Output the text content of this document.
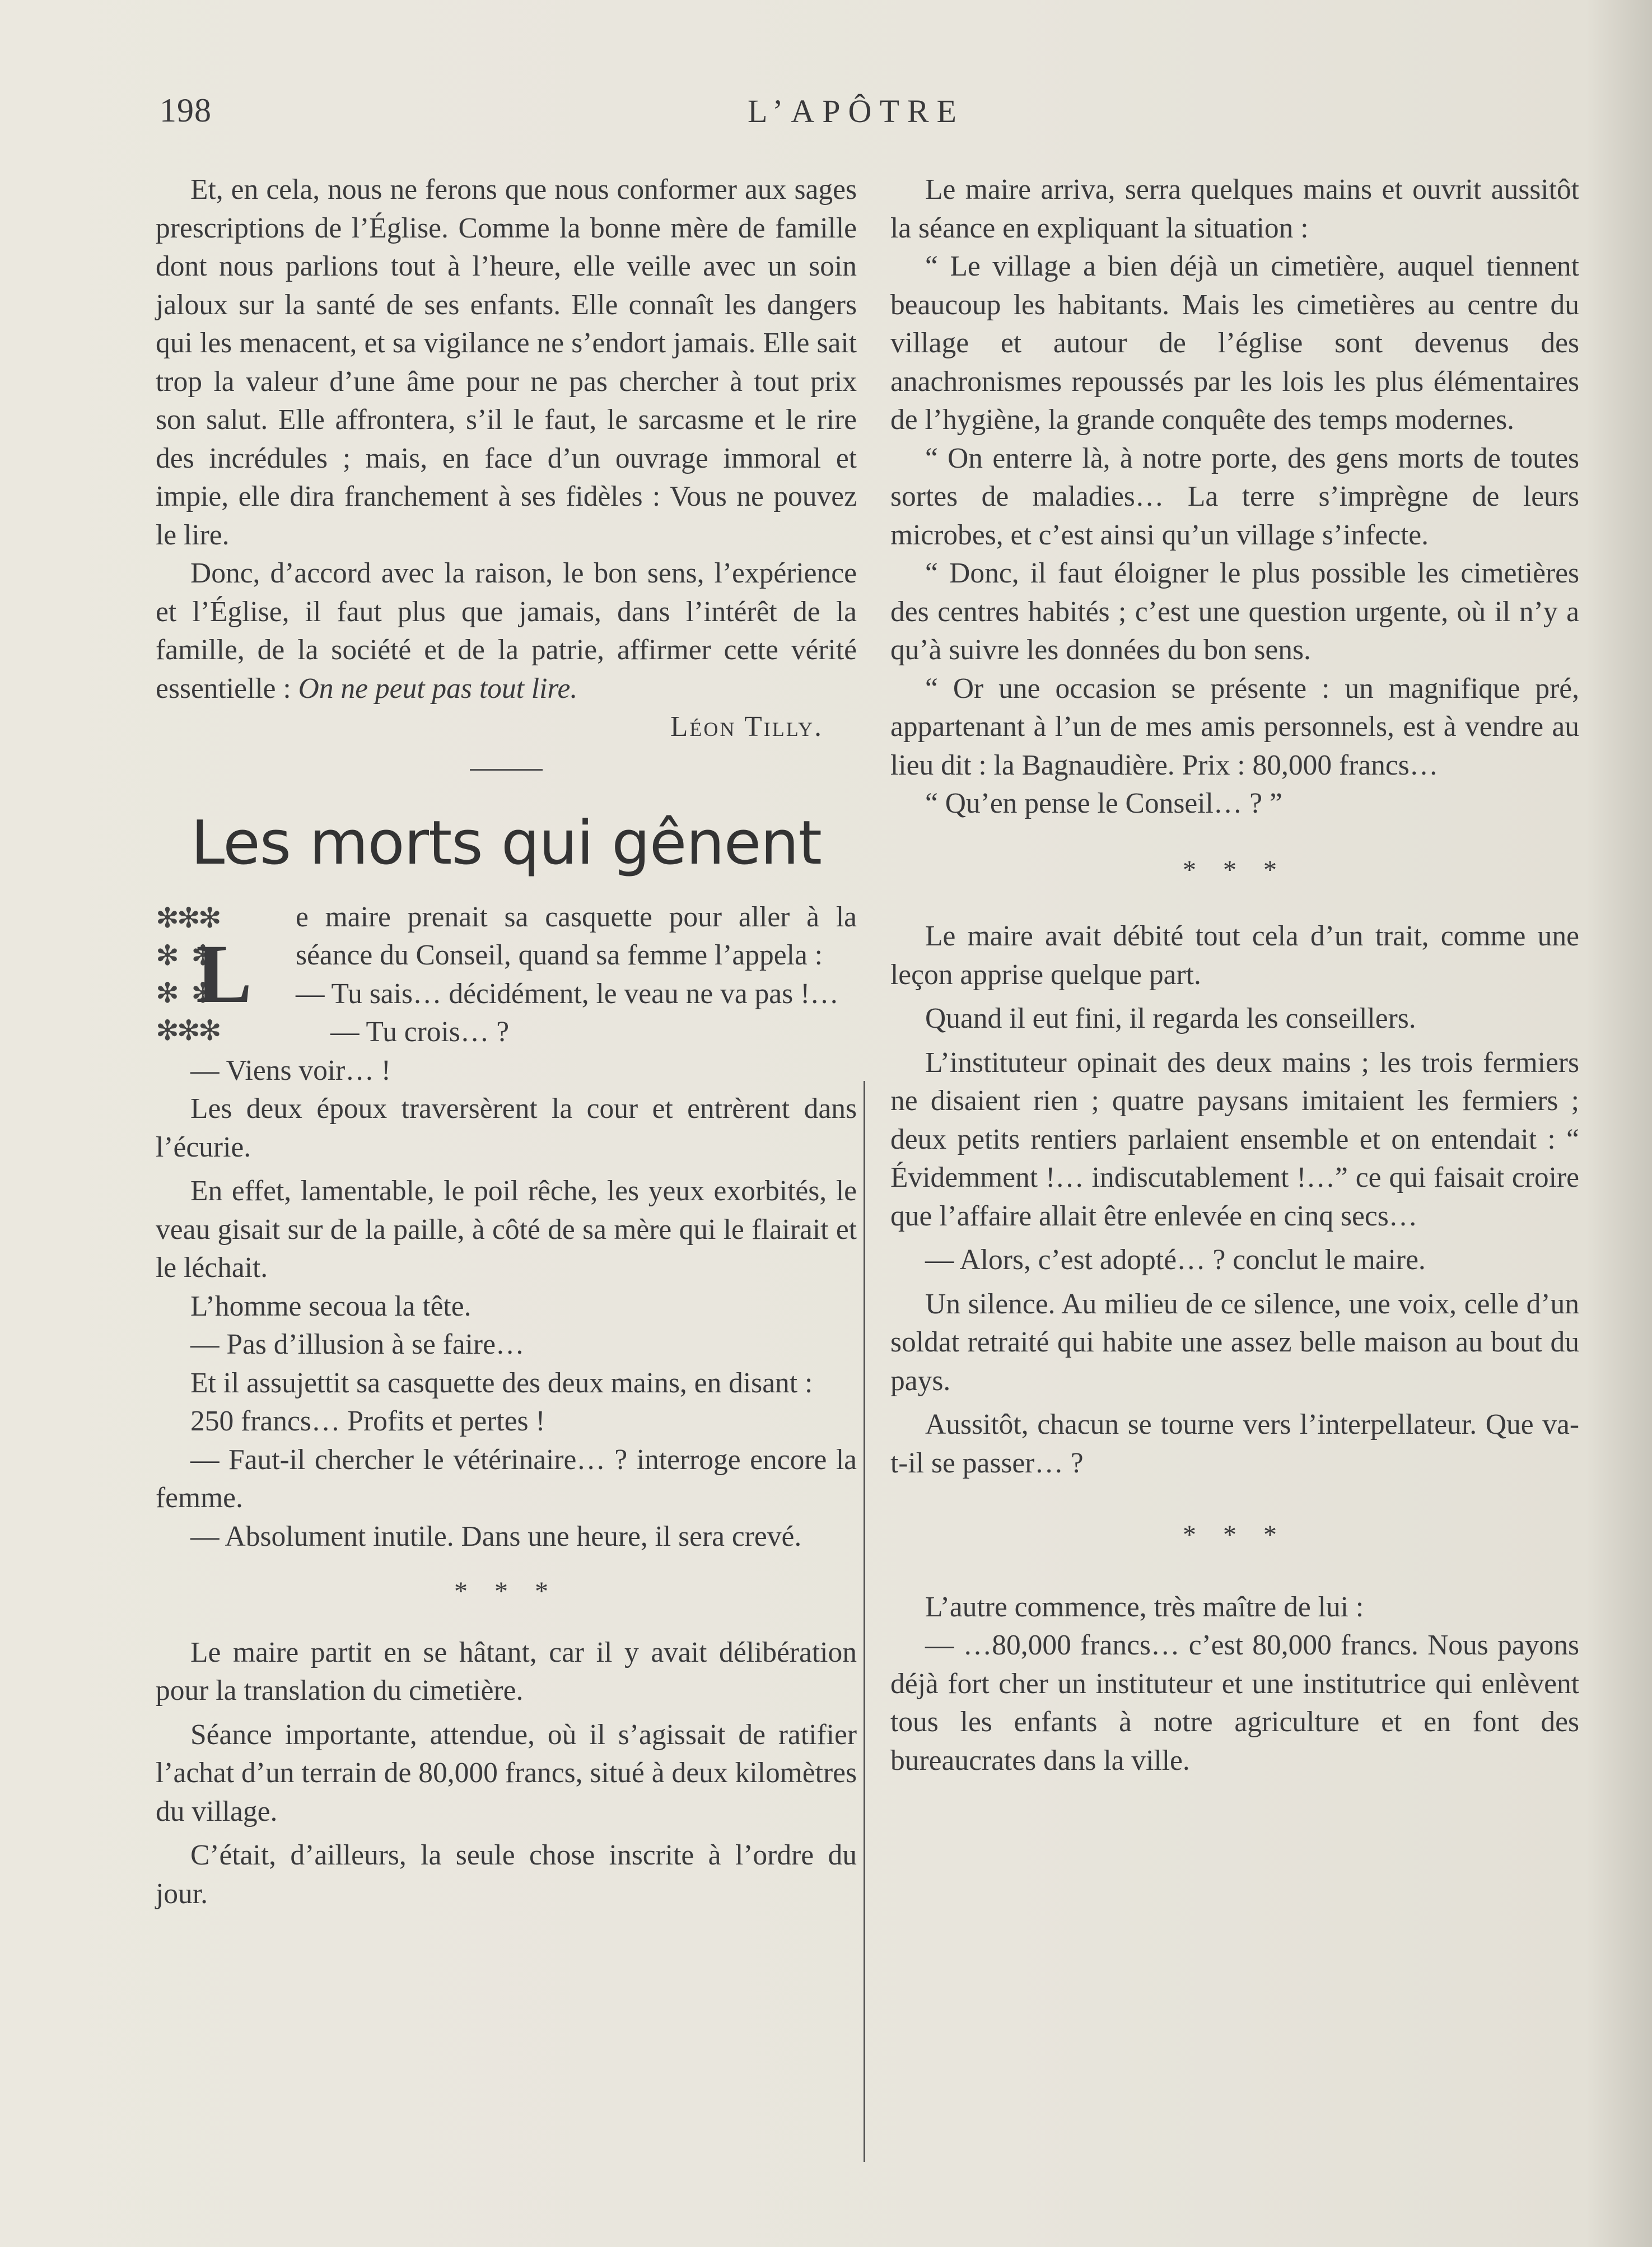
198	L’APÔTRE

Et, en cela, nous ne ferons que nous conformer aux sages prescriptions de l’Église. Comme la bonne mère de famille dont nous parlions tout à l’heure, elle veille avec un soin jaloux sur la santé de ses enfants. Elle connaît les dangers qui les menacent, et sa vigilance ne s’endort jamais. Elle sait trop la valeur d’une âme pour ne pas chercher à tout prix son salut. Elle affrontera, s’il le faut, le sarcasme et le rire des incrédules ; mais, en face d’un ouvrage immoral et impie, elle dira franchement à ses fidèles : Vous ne pouvez le lire.

Donc, d’accord avec la raison, le bon sens, l’expérience et l’Église, il faut plus que jamais, dans l’intérêt de la famille, de la société et de la patrie, affirmer cette vérité essentielle : On ne peut pas tout lire.

Léon Tilly.

Les morts qui gênent
✻✻✻
✻   ✻
✻   ✻
✻✻✻
L

e maire prenait sa casquette pour aller à la séance du Conseil, quand sa femme l’appela :

— Tu sais… décidément, le veau ne va pas !…

— Tu crois… ?

— Viens voir… !

Les deux époux traversèrent la cour et entrèrent dans l’écurie.

En effet, lamentable, le poil rêche, les yeux exorbités, le veau gisait sur de la paille, à côté de sa mère qui le flairait et le léchait.

L’homme secoua la tête.

— Pas d’illusion à se faire…

Et il assujettit sa casquette des deux mains, en disant :

250 francs… Profits et pertes !

— Faut-il chercher le vétérinaire… ? interroge encore la femme.

— Absolument inutile. Dans une heure, il sera crevé.

* * *

Le maire partit en se hâtant, car il y avait délibération pour la translation du cimetière.

Séance importante, attendue, où il s’agissait de ratifier l’achat d’un terrain de 80,000 francs, situé à deux kilomètres du village.

C’était, d’ailleurs, la seule chose inscrite à l’ordre du jour.

Le maire arriva, serra quelques mains et ouvrit aussitôt la séance en expliquant la situation :

“ Le village a bien déjà un cimetière, auquel tiennent beaucoup les habitants. Mais les cimetières au centre du village et autour de l’église sont devenus des anachronismes repoussés par les lois les plus élémentaires de l’hygiène, la grande conquête des temps modernes.

“ On enterre là, à notre porte, des gens morts de toutes sortes de maladies… La terre s’imprègne de leurs microbes, et c’est ainsi qu’un village s’infecte.

“ Donc, il faut éloigner le plus possible les cimetières des centres habités ; c’est une question urgente, où il n’y a qu’à suivre les données du bon sens.

“ Or une occasion se présente : un magnifique pré, appartenant à l’un de mes amis personnels, est à vendre au lieu dit : la Bagnaudière. Prix : 80,000 francs…

“ Qu’en pense le Conseil… ? ”

* * *

Le maire avait débité tout cela d’un trait, comme une leçon apprise quelque part.

Quand il eut fini, il regarda les conseillers.

L’instituteur opinait des deux mains ; les trois fermiers ne disaient rien ; quatre paysans imitaient les fermiers ; deux petits rentiers parlaient ensemble et on entendait : “ Évidemment !… indiscutablement !…” ce qui faisait croire que l’affaire allait être enlevée en cinq secs…

— Alors, c’est adopté… ? conclut le maire.

Un silence. Au milieu de ce silence, une voix, celle d’un soldat retraité qui habite une assez belle maison au bout du pays.

Aussitôt, chacun se tourne vers l’interpellateur. Que va-t-il se passer… ?

* * *

L’autre commence, très maître de lui :

— …80,000 francs… c’est 80,000 francs. Nous payons déjà fort cher un instituteur et une institutrice qui enlèvent tous les enfants à notre agriculture et en font des bureaucrates dans la ville.
